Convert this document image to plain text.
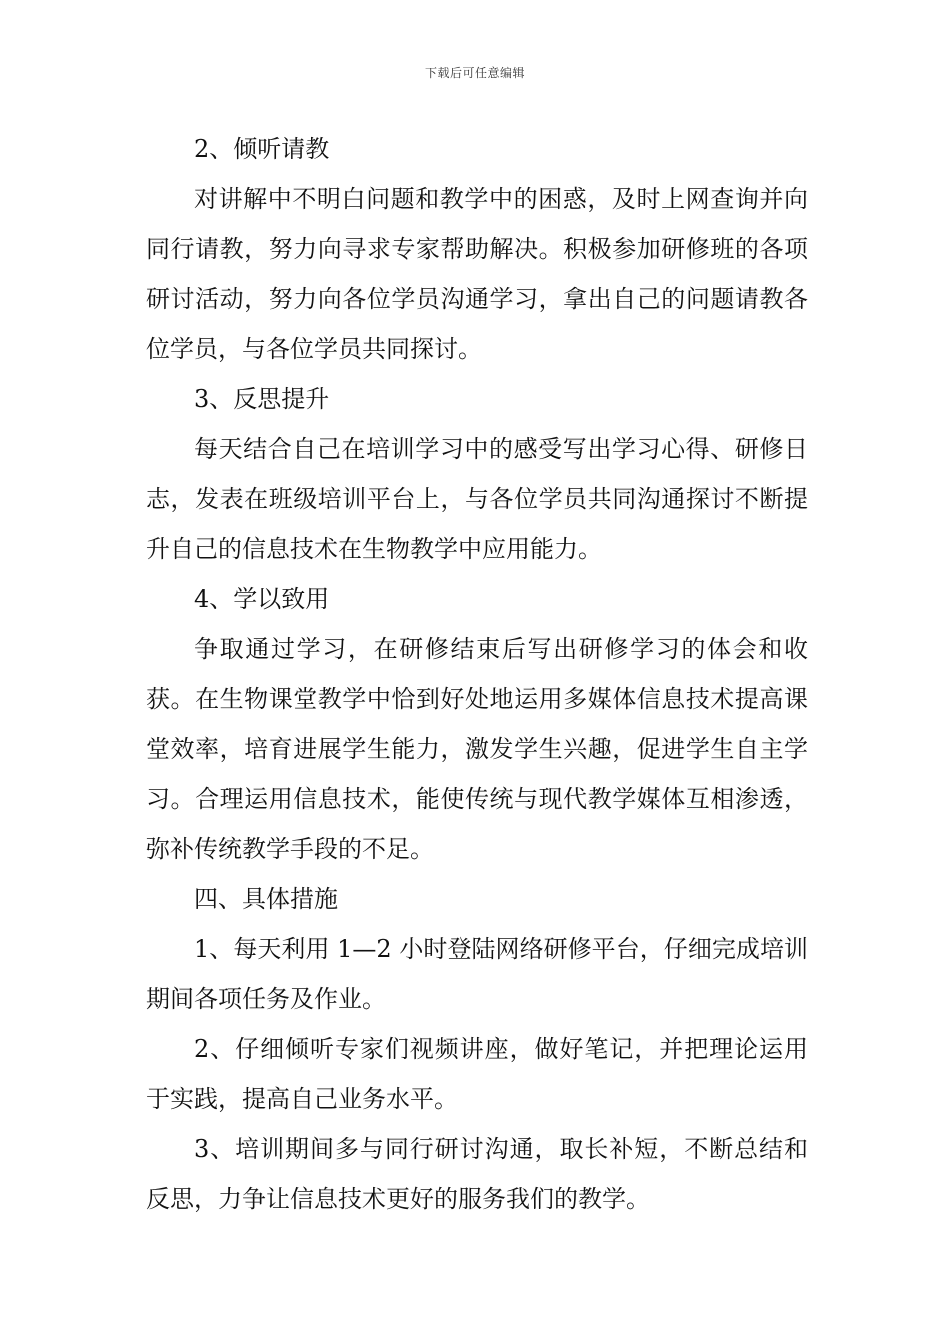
下载后可任意编辑

2、倾听请教

对讲解中不明白问题和教学中的困惑，及时上网查询并向同行请教，努力向寻求专家帮助解决。积极参加研修班的各项研讨活动，努力向各位学员沟通学习，拿出自己的问题请教各位学员，与各位学员共同探讨。

3、反思提升

每天结合自己在培训学习中的感受写出学习心得、研修日志，发表在班级培训平台上，与各位学员共同沟通探讨不断提升自己的信息技术在生物教学中应用能力。

4、学以致用

争取通过学习，在研修结束后写出研修学习的体会和收获。在生物课堂教学中恰到好处地运用多媒体信息技术提高课堂效率，培育进展学生能力，激发学生兴趣，促进学生自主学习。合理运用信息技术，能使传统与现代教学媒体互相渗透，弥补传统教学手段的不足。

四、具体措施

1、每天利用 1—2 小时登陆网络研修平台，仔细完成培训期间各项任务及作业。

2、仔细倾听专家们视频讲座，做好笔记，并把理论运用于实践，提高自己业务水平。

3、培训期间多与同行研讨沟通，取长补短，不断总结和反思，力争让信息技术更好的服务我们的教学。
